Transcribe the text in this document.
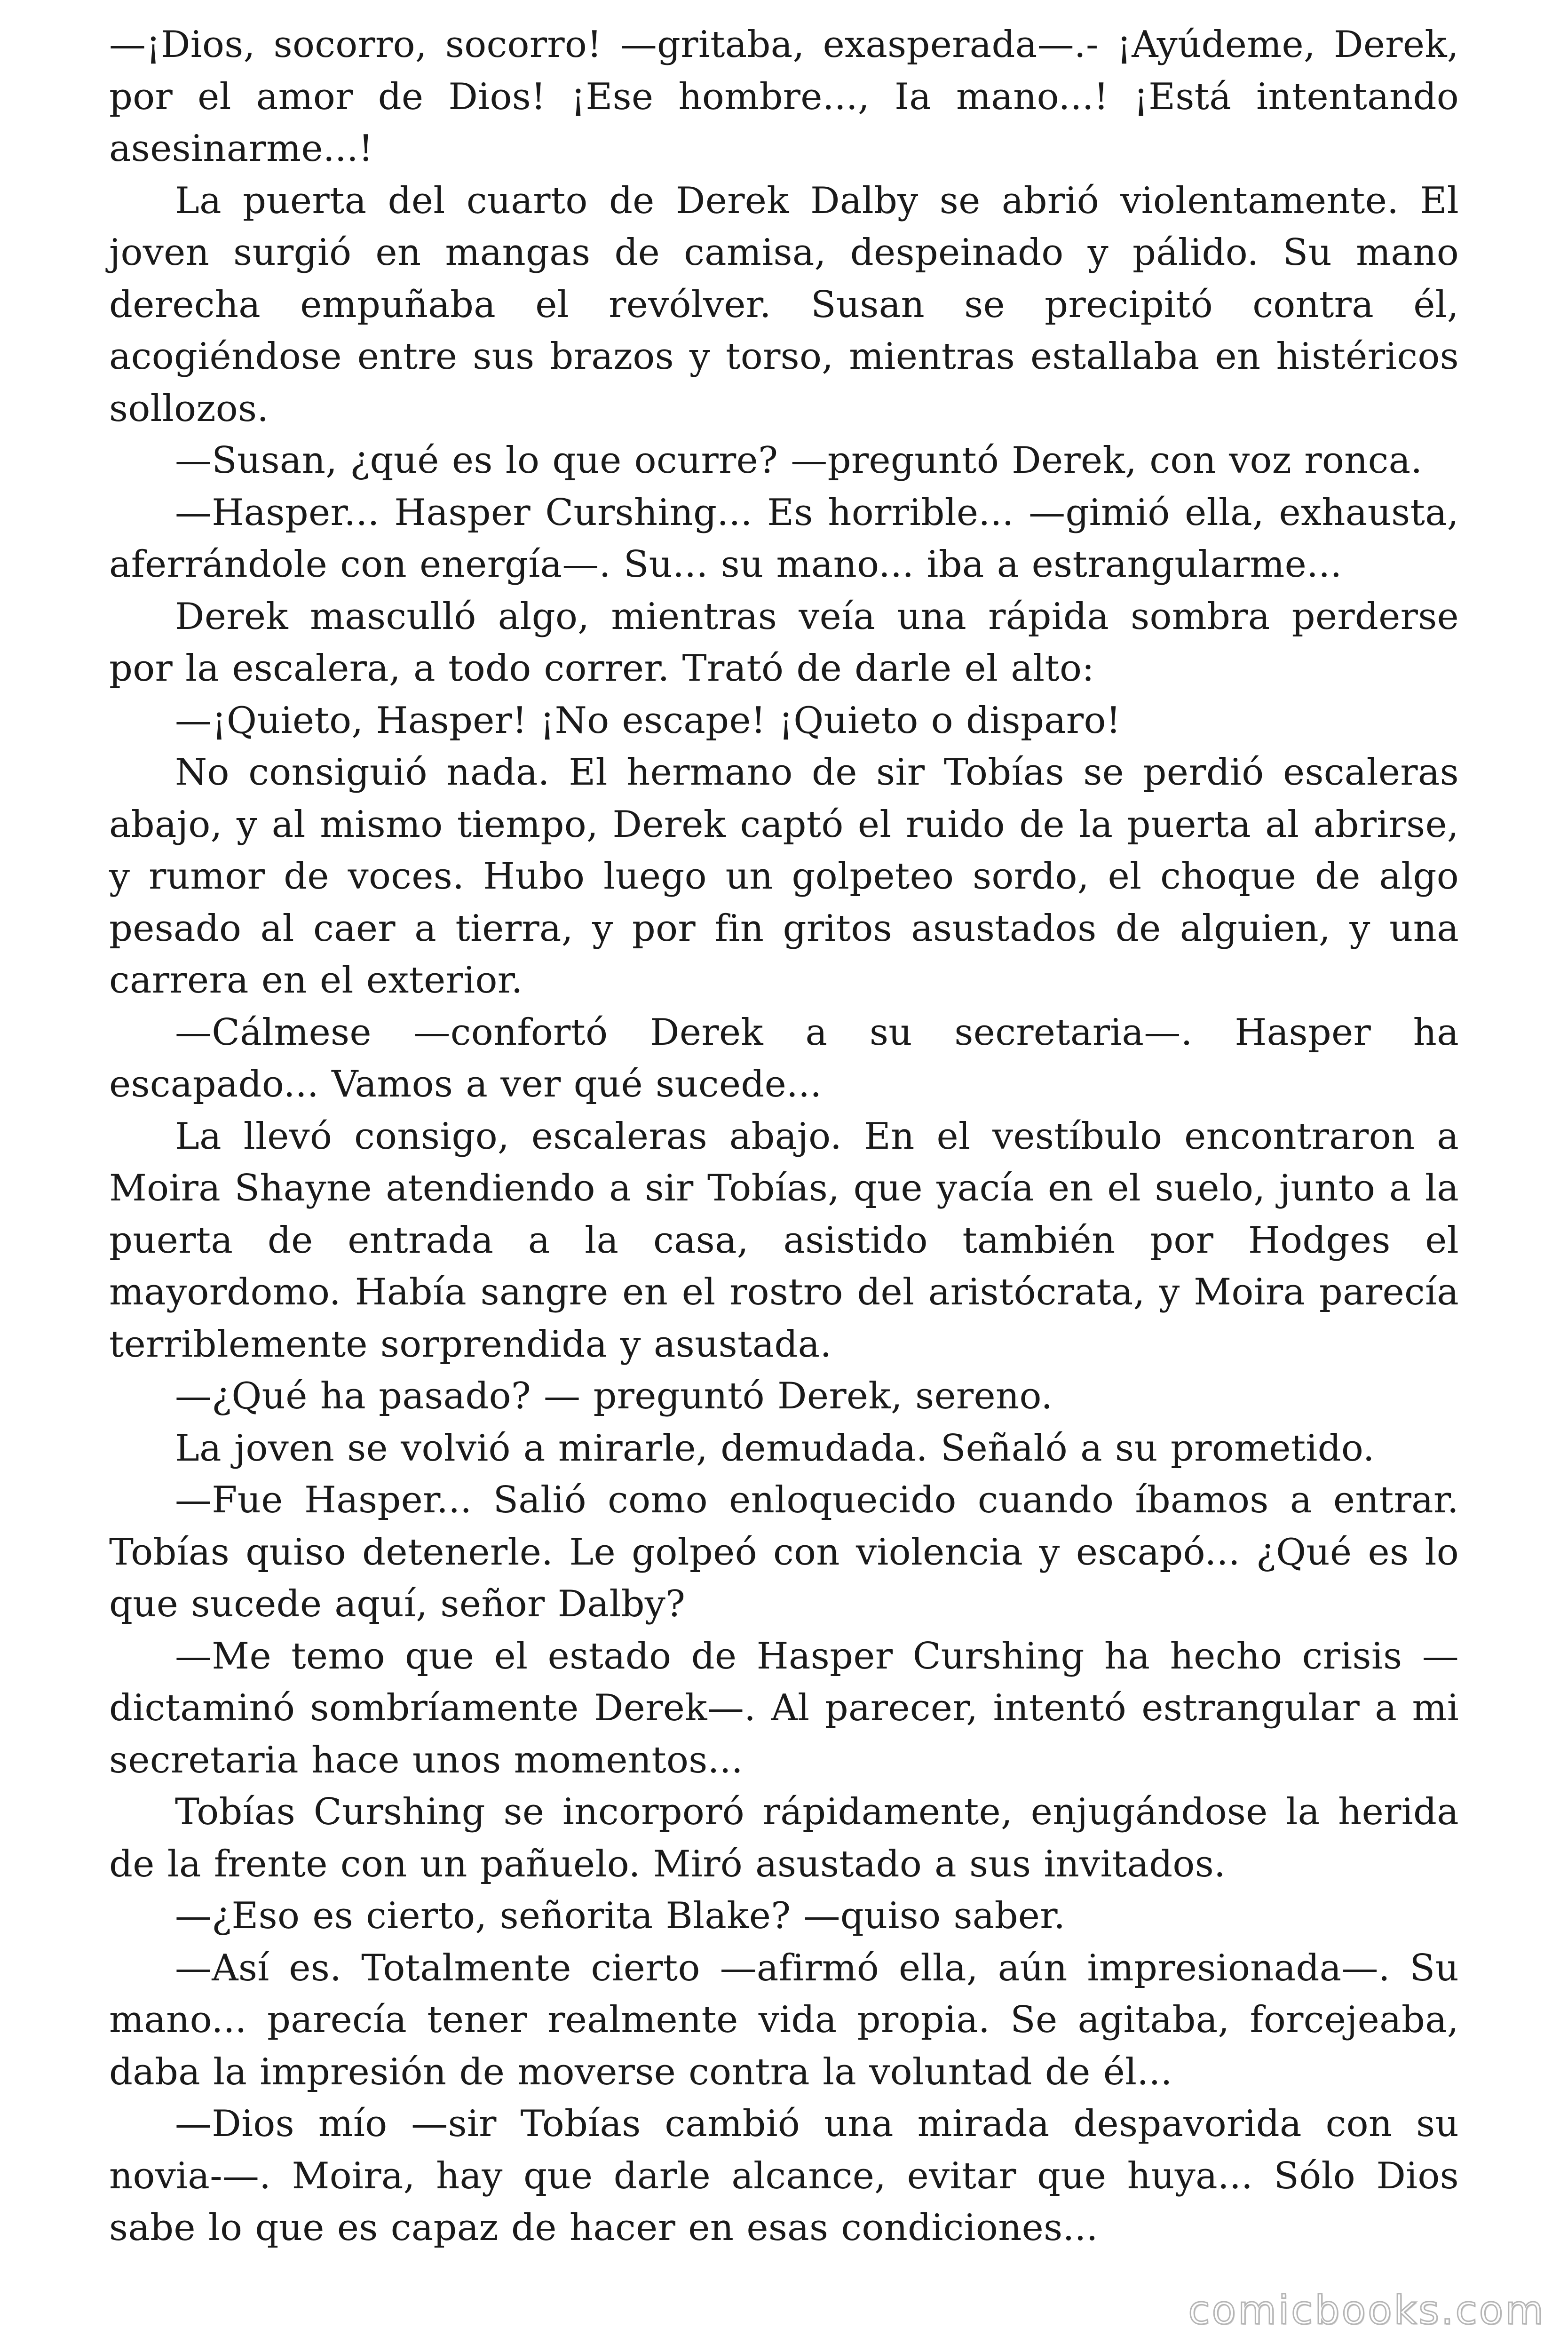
—¡Dios, socorro, socorro! —gritaba, exasperada—.- ¡Ayúdeme, Derek, por el amor de Dios! ¡Ese hombre..., Ia mano...! ¡Está intentando asesinarme...!

La puerta del cuarto de Derek Dalby se abrió violentamente. El joven surgió en mangas de camisa, despeinado y pálido. Su mano derecha empuñaba el revólver. Susan se precipitó contra él, acogiéndose entre sus brazos y torso, mientras estallaba en histéricos sollozos.

—Susan, ¿qué es lo que ocurre? —preguntó Derek, con voz ronca.

—Hasper... Hasper Curshing... Es horrible... —gimió ella, exhausta, aferrándole con energía—. Su... su mano... iba a estrangularme...

Derek masculló algo, mientras veía una rápida sombra perderse por la escalera, a todo correr. Trató de darle el alto:

—¡Quieto, Hasper! ¡No escape! ¡Quieto o disparo!

No consiguió nada. El hermano de sir Tobías se perdió escaleras abajo, y al mismo tiempo, Derek captó el ruido de la puerta al abrirse, y rumor de voces. Hubo luego un golpeteo sordo, el choque de algo pesado al caer a tierra, y por fin gritos asustados de alguien, y una carrera en el exterior.

—Cálmese —confortó Derek a su secretaria—. Hasper ha escapado... Vamos a ver qué sucede...

La llevó consigo, escaleras abajo. En el vestíbulo encontraron a Moira Shayne atendiendo a sir Tobías, que yacía en el suelo, junto a la puerta de entrada a la casa, asistido también por Hodges el mayordomo. Había sangre en el rostro del aristócrata, y Moira parecía terriblemente sorprendida y asustada.

—¿Qué ha pasado? — preguntó Derek, sereno.

La joven se volvió a mirarle, demudada. Señaló a su prometido.

—Fue Hasper... Salió como enloquecido cuando íbamos a entrar. Tobías quiso detenerle. Le golpeó con violencia y escapó... ¿Qué es lo que sucede aquí, señor Dalby?

—Me temo que el estado de Hasper Curshing ha hecho crisis — dictaminó sombríamente Derek—. Al parecer, intentó estrangular a mi secretaria hace unos momentos...

Tobías Curshing se incorporó rápidamente, enjugándose la herida de la frente con un pañuelo. Miró asustado a sus invitados.

—¿Eso es cierto, señorita Blake? —quiso saber.

—Así es. Totalmente cierto —afirmó ella, aún impresionada—. Su mano... parecía tener realmente vida propia. Se agitaba, forcejeaba, daba la impresión de moverse contra la voluntad de él...

—Dios mío —sir Tobías cambió una mirada despavorida con su novia-—. Moira, hay que darle alcance, evitar que huya... Sólo Dios sabe lo que es capaz de hacer en esas condiciones...

comicbooks.com
